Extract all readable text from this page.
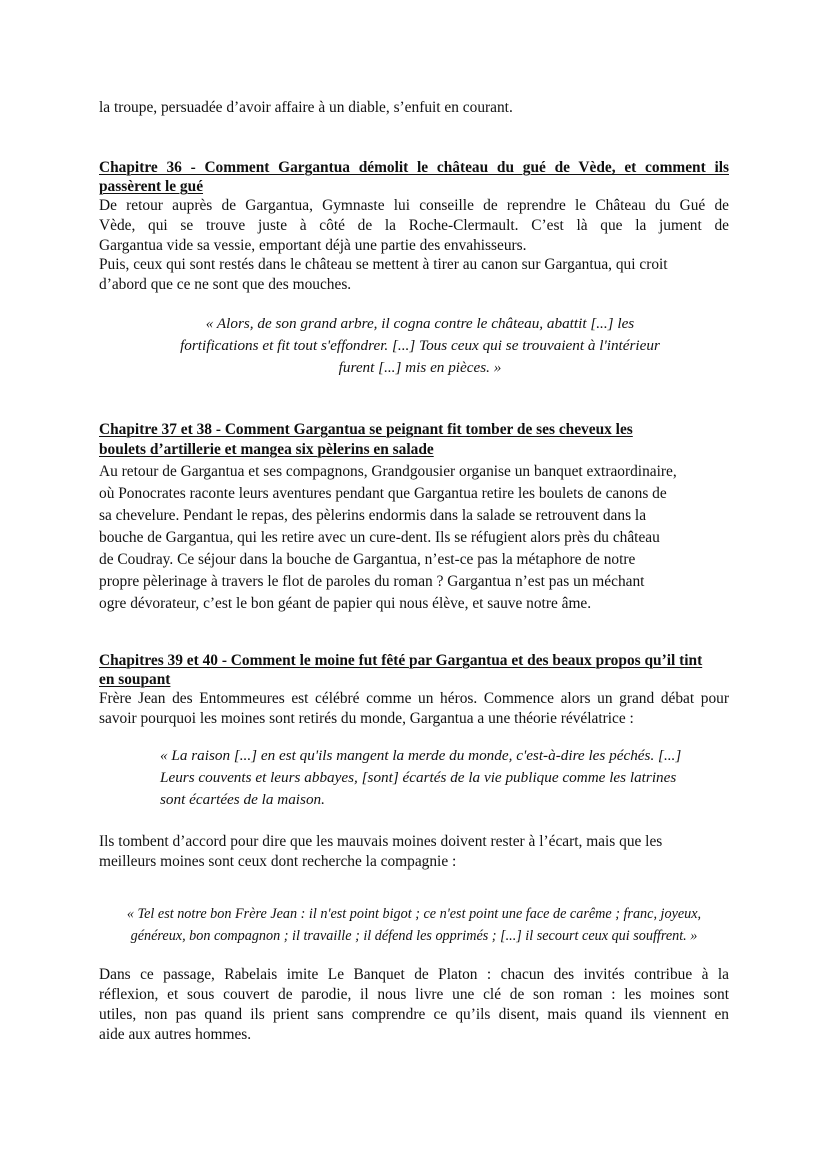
la troupe, persuadée d’avoir affaire à un diable, s’enfuit en courant.
Chapitre 36 - Comment Gargantua démolit le château du gué de Vède, et comment ils
passèrent le gué
De retour auprès de Gargantua, Gymnaste lui conseille de reprendre le Château du Gué de
Vède, qui se trouve juste à côté de la Roche-Clermault. C’est là que la jument de
Gargantua vide sa vessie, emportant déjà une partie des envahisseurs.
Puis, ceux qui sont restés dans le château se mettent à tirer au canon sur Gargantua, qui croit
d’abord que ce ne sont que des mouches.
« Alors, de son grand arbre, il cogna contre le château, abattit [...] les
fortifications et fit tout s'effondrer. [...] Tous ceux qui se trouvaient à l'intérieur
furent [...] mis en pièces. »
Chapitre 37 et 38 - Comment Gargantua se peignant fit tomber de ses cheveux les
boulets d’artillerie et mangea six pèlerins en salade
Au retour de Gargantua et ses compagnons, Grandgousier organise un banquet extraordinaire,
où Ponocrates raconte leurs aventures pendant que Gargantua retire les boulets de canons de
sa chevelure. Pendant le repas, des pèlerins endormis dans la salade se retrouvent dans la
bouche de Gargantua, qui les retire avec un cure-dent. Ils se réfugient alors près du château
de Coudray. Ce séjour dans la bouche de Gargantua, n’est-ce pas la métaphore de notre
propre pèlerinage à travers le flot de paroles du roman ? Gargantua n’est pas un méchant
ogre dévorateur, c’est le bon géant de papier qui nous élève, et sauve notre âme.
Chapitres 39 et 40 - Comment le moine fut fêté par Gargantua et des beaux propos qu’il tint
en soupant
Frère Jean des Entommeures est célébré comme un héros. Commence alors un grand débat pour
savoir pourquoi les moines sont retirés du monde, Gargantua a une théorie révélatrice :
« La raison [...] en est qu'ils mangent la merde du monde, c'est-à-dire les péchés. [...]
Leurs couvents et leurs abbayes, [sont] écartés de la vie publique comme les latrines
sont écartées de la maison.
Ils tombent d’accord pour dire que les mauvais moines doivent rester à l’écart, mais que les
meilleurs moines sont ceux dont recherche la compagnie :
« Tel est notre bon Frère Jean : il n'est point bigot ; ce n'est point une face de carême ; franc, joyeux,
généreux, bon compagnon ; il travaille ; il défend les opprimés ; [...] il secourt ceux qui souffrent. »
Dans ce passage, Rabelais imite Le Banquet de Platon : chacun des invités contribue à la
réflexion, et sous couvert de parodie, il nous livre une clé de son roman : les moines sont
utiles, non pas quand ils prient sans comprendre ce qu’ils disent, mais quand ils viennent en
aide aux autres hommes.
